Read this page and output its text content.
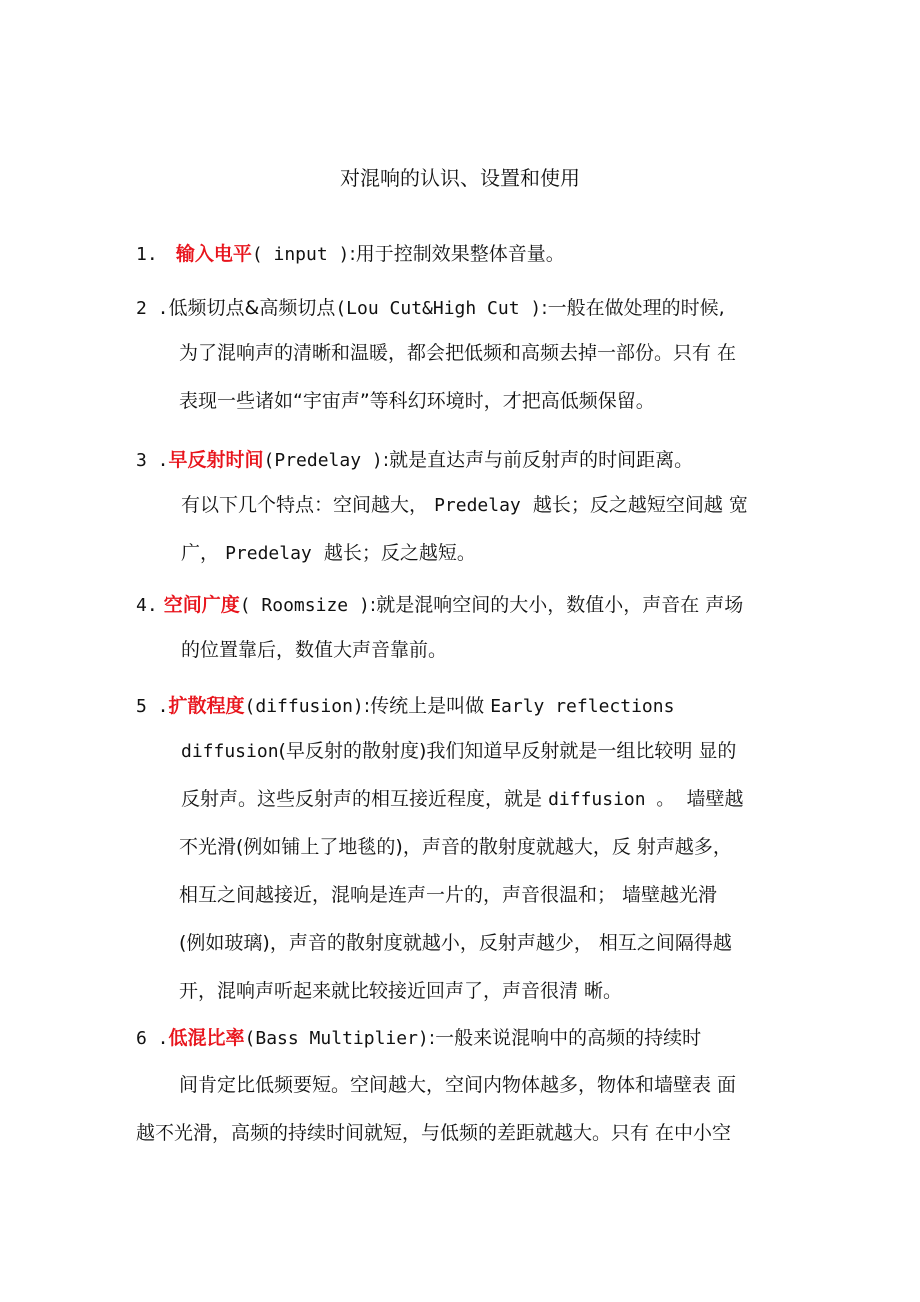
对混响的认识、设置和使用
1. 输入电平( input ):用于控制效果整体音量。
2 .低频切点&高频切点(Lou Cut&High Cut ):一般在做处理的时候,
为了混响声的清晰和温暖，都会把低频和高频去掉一部份。只有 在
表现一些诸如“宇宙声”等科幻环境时，才把高低频保留。
3 .早反射时间(Predelay ):就是直达声与前反射声的时间距离。
有以下几个特点：空间越大， Predelay 越长；反之越短空间越 宽
广， Predelay 越长；反之越短。
4. 空间广度( Roomsize ):就是混响空间的大小，数值小，声音在 声场
的位置靠后，数值大声音靠前。
5 .扩散程度(diffusion):传统上是叫做 Early reflections
diffusion(早反射的散射度)我们知道早反射就是一组比较明 显的
反射声。这些反射声的相互接近程度，就是 diffusion 。 墙壁越
不光滑(例如铺上了地毯的)，声音的散射度就越大，反 射声越多，
相互之间越接近，混响是连声一片的，声音很温和； 墙壁越光滑
(例如玻璃)，声音的散射度就越小，反射声越少， 相互之间隔得越
开，混响声听起来就比较接近回声了，声音很清 晰。
6 .低混比率(Bass Multiplier):一般来说混响中的高频的持续时
间肯定比低频要短。空间越大，空间内物体越多，物体和墙壁表 面
越不光滑，高频的持续时间就短，与低频的差距就越大。只有 在中小空
